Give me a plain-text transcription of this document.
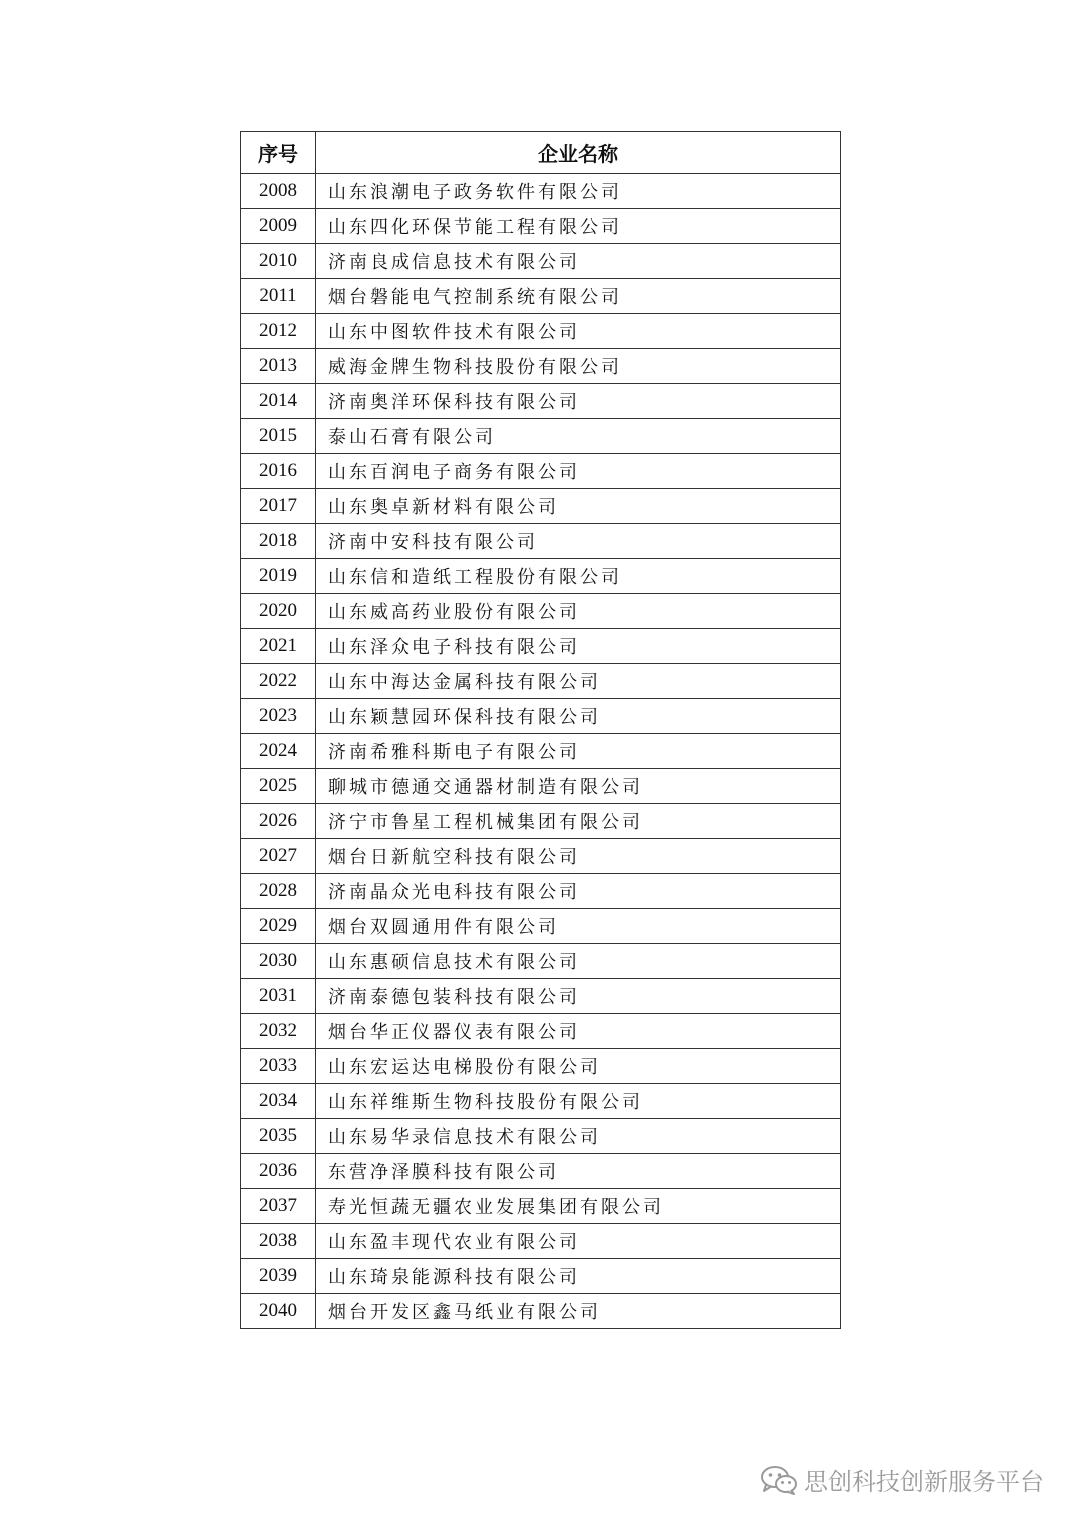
序号	企业名称
2008	山东浪潮电子政务软件有限公司
2009	山东四化环保节能工程有限公司
2010	济南良成信息技术有限公司
2011	烟台磐能电气控制系统有限公司
2012	山东中图软件技术有限公司
2013	威海金牌生物科技股份有限公司
2014	济南奥洋环保科技有限公司
2015	泰山石膏有限公司
2016	山东百润电子商务有限公司
2017	山东奥卓新材料有限公司
2018	济南中安科技有限公司
2019	山东信和造纸工程股份有限公司
2020	山东威高药业股份有限公司
2021	山东泽众电子科技有限公司
2022	山东中海达金属科技有限公司
2023	山东颖慧园环保科技有限公司
2024	济南希雅科斯电子有限公司
2025	聊城市德通交通器材制造有限公司
2026	济宁市鲁星工程机械集团有限公司
2027	烟台日新航空科技有限公司
2028	济南晶众光电科技有限公司
2029	烟台双圆通用件有限公司
2030	山东惠硕信息技术有限公司
2031	济南泰德包装科技有限公司
2032	烟台华正仪器仪表有限公司
2033	山东宏运达电梯股份有限公司
2034	山东祥维斯生物科技股份有限公司
2035	山东易华录信息技术有限公司
2036	东营净泽膜科技有限公司
2037	寿光恒蔬无疆农业发展集团有限公司
2038	山东盈丰现代农业有限公司
2039	山东琦泉能源科技有限公司
2040	烟台开发区鑫马纸业有限公司
思创科技创新服务平台
